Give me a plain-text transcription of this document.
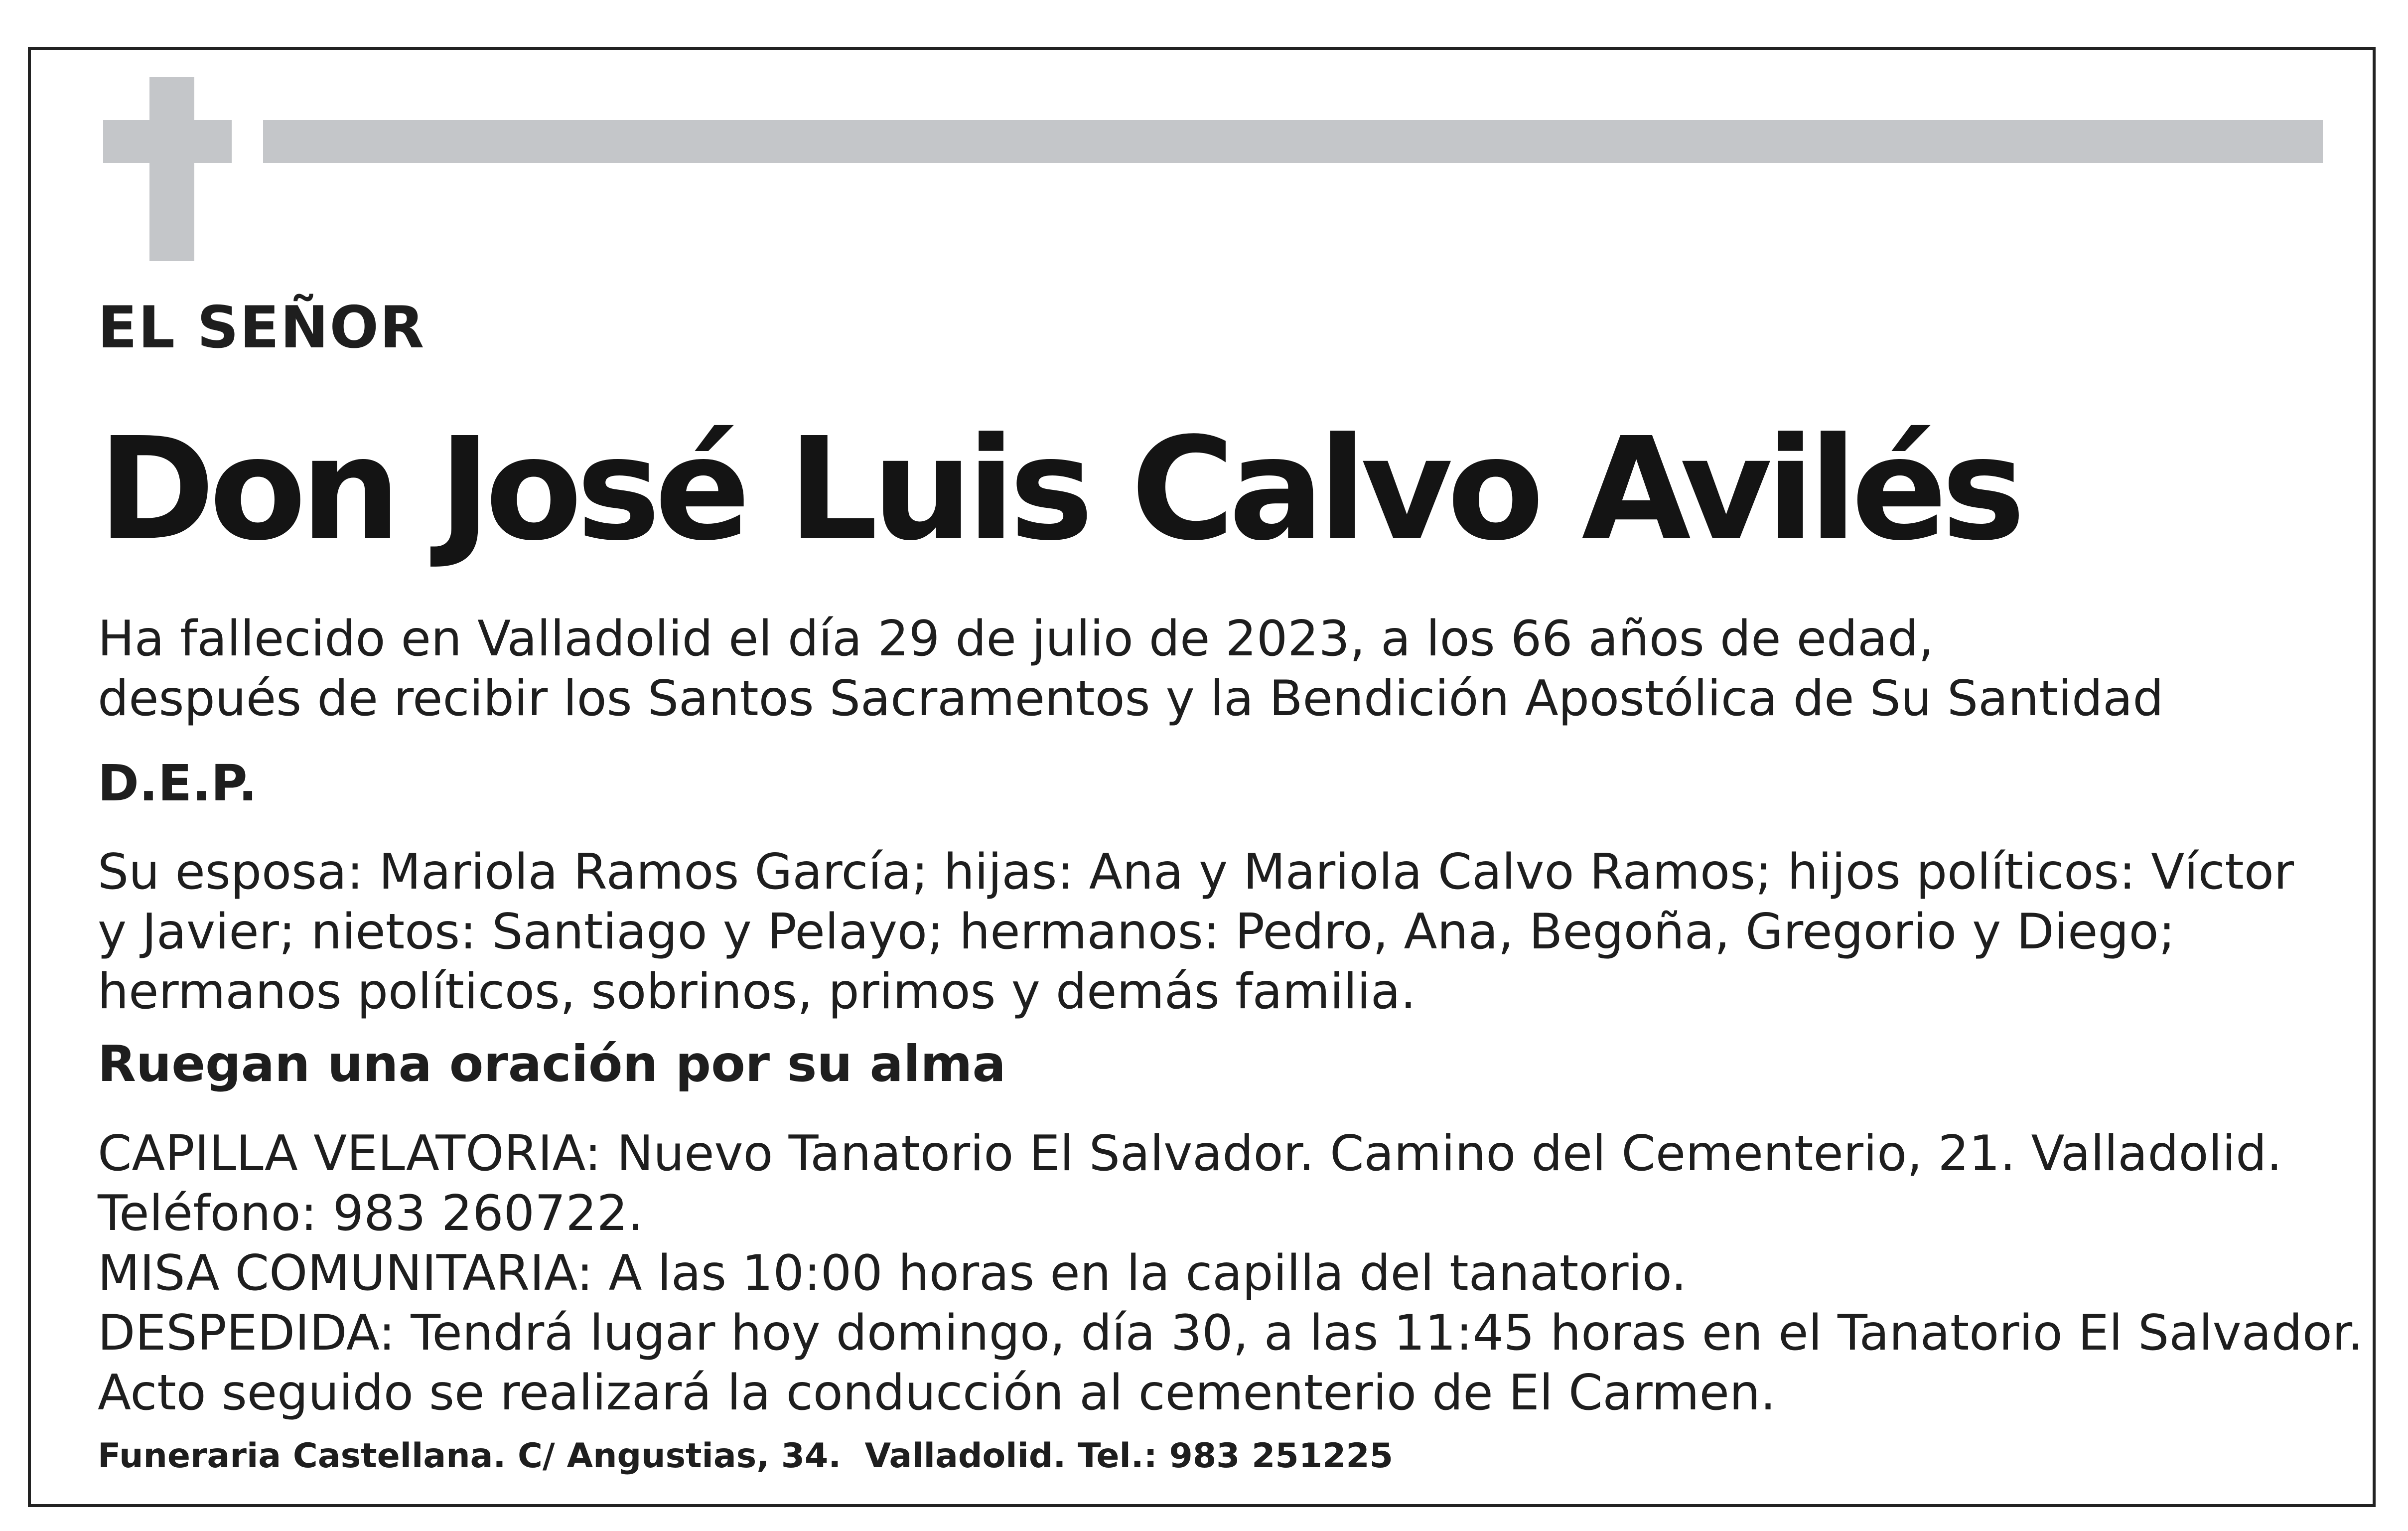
EL SEÑOR

Don José Luis Calvo Avilés

Ha fallecido en Valladolid el día 29 de julio de 2023, a los 66 años de edad,
después de recibir los Santos Sacramentos y la Bendición Apostólica de Su Santidad

D.E.P.

Su esposa: Mariola Ramos García; hijas: Ana y Mariola Calvo Ramos; hijos políticos: Víctor
y Javier; nietos: Santiago y Pelayo; hermanos: Pedro, Ana, Begoña, Gregorio y Diego;
hermanos políticos, sobrinos, primos y demás familia.

Ruegan una oración por su alma

CAPILLA VELATORIA: Nuevo Tanatorio El Salvador. Camino del Cementerio, 21. Valladolid.
Teléfono: 983 260722.
MISA COMUNITARIA: A las 10:00 horas en la capilla del tanatorio.
DESPEDIDA: Tendrá lugar hoy domingo, día 30, a las 11:45 horas en el Tanatorio El Salvador.
Acto seguido se realizará la conducción al cementerio de El Carmen.

Funeraria Castellana. C/ Angustias, 34.  Valladolid. Tel.: 983 251225
